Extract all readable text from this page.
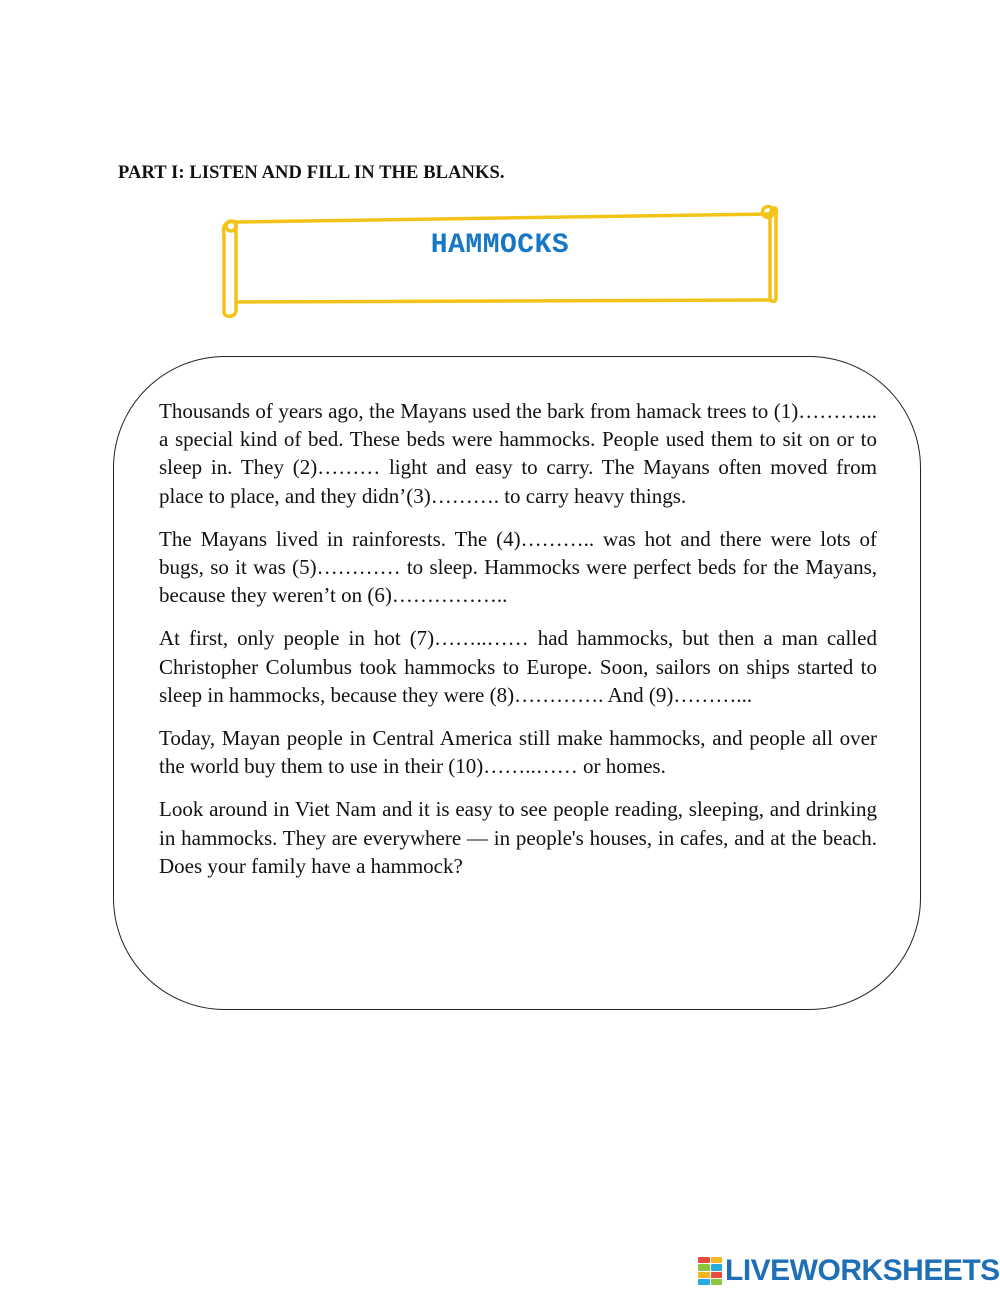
PART I: LISTEN AND FILL IN THE BLANKS.
HAMMOCKS

Thousands of years ago, the Mayans used the bark from hamack trees to (1)………... a special kind of bed. These beds were hammocks. People used them to sit on or to sleep in. They (2)……… light and easy to carry. The Mayans often moved from place to place, and they didn’(3)………. to carry heavy things.

The Mayans lived in rainforests. The (4)……….. was hot and there were lots of bugs, so it was (5)………… to sleep. Hammocks were perfect beds for the Mayans, because they weren’t on (6)……………..

At first, only people in hot (7)……..…… had hammocks, but then a man called Christopher Columbus took hammocks to Europe. Soon, sailors on ships started to sleep in hammocks, because they were (8)…………. And (9)………...

Today, Mayan people in Central America still make hammocks, and people all over the world buy them to use in their (10)……..…… or homes.

Look around in Viet Nam and it is easy to see people reading, sleeping, and drinking in hammocks. They are everywhere — in people's houses, in cafes, and at the beach. Does your family have a hammock?

LIVEWORKSHEETS
